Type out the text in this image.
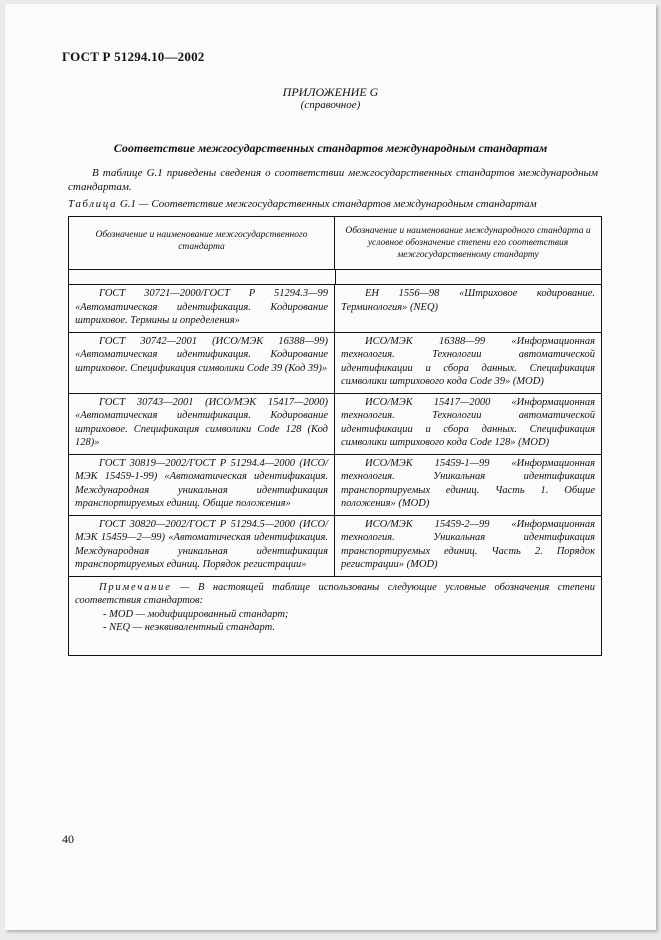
ГОСТ Р 51294.10—2002
ПРИЛОЖЕНИЕ G
(справочное)
Соответствие межгосударственных стандартов международным стандартам
В таблице G.1 приведены сведения о соответствии межгосударственных стандартов международным стандартам.
Таблица G.1 — Соответствие межгосударственных стандартов международным стандартам
Обозначение и наименование межгосударственного стандарта
Обозначение и наименование международного стандарта и условное обозначение степени его соответствия межгосударственному стандарту
ГОСТ 30721—2000/ГОСТ Р 51294.3—99 «Автоматическая идентификация. Кодирование штриховое. Термины и определения»
ЕН 1556—98 «Штриховое кодирование. Терминология» (NEQ)
ГОСТ 30742—2001 (ИСО/МЭК 16388—99) «Автоматическая идентификация. Кодирование штриховое. Спецификация символики Code 39 (Код 39)»
ИСО/МЭК 16388—99 «Информационная технология. Технологии автоматической идентификации и сбора данных. Спецификация символики штрихового кода Code 39» (MOD)
ГОСТ 30743—2001 (ИСО/МЭК 15417—2000) «Автоматическая идентификация. Кодирование штриховое. Спецификация символики Code 128 (Код 128)»
ИСО/МЭК 15417—2000 «Информационная технология. Технологии автоматической идентификации и сбора данных. Спецификация символики штрихового кода Code 128» (MOD)
ГОСТ 30819—2002/ГОСТ Р 51294.4—2000 (ИСО/МЭК 15459-1-99) «Автоматическая идентификация. Международная уникальная идентификация транспортируемых единиц. Общие положения»
ИСО/МЭК 15459-1—99 «Информационная технология. Уникальная идентификация транспортируемых единиц. Часть 1. Общие положения» (MOD)
ГОСТ 30820—2002/ГОСТ Р 51294.5—2000 (ИСО/МЭК 15459—2—99) «Автоматическая идентификация. Международная уникальная идентификация транспортируемых единиц. Порядок регистрации»
ИСО/МЭК 15459-2—99 «Информационная технология. Уникальная идентификация транспортируемых единиц. Часть 2. Порядок регистрации» (MOD)
Примечание — В настоящей таблице использованы следующие условные обозначения степени соответствия стандартов:
- MOD — модифицированный стандарт;
- NEQ — неэквивалентный стандарт.
40
